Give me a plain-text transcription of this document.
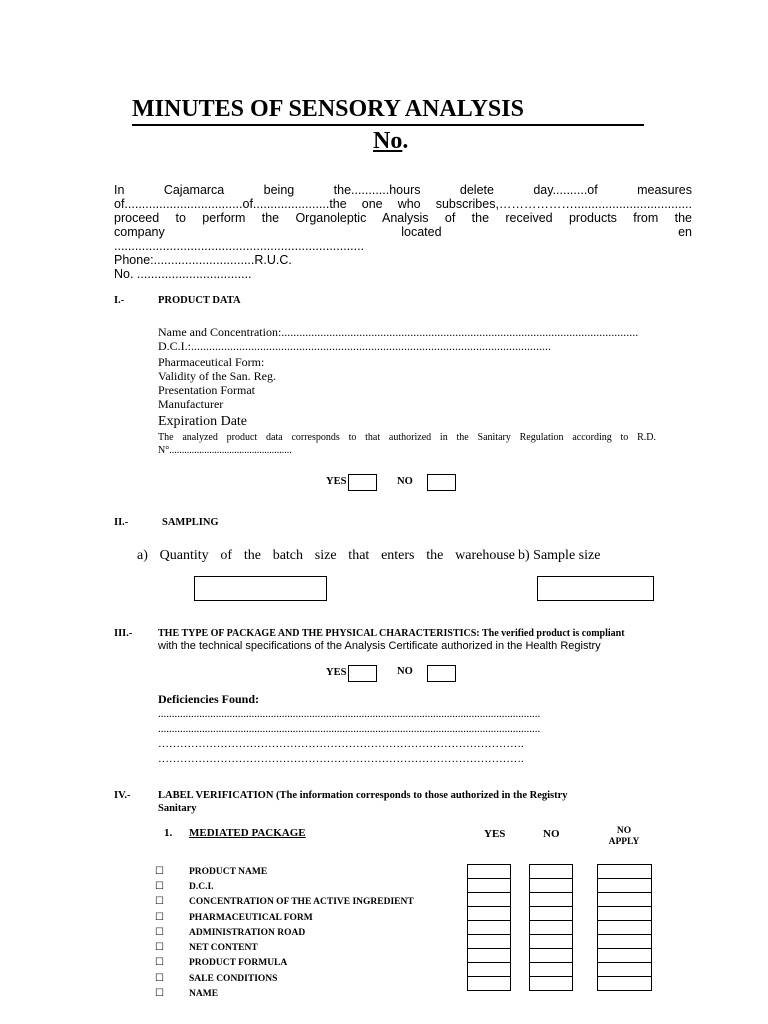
MINUTES OF SENSORY ANALYSIS
No.
In Cajamarca being the...........hours delete day..........of measures
of..................................of......................the one who subscribes,………………..................................
proceed to perform the Organoleptic Analysis of the received products from the
company located en
........................................................................
Phone:.............................R.U.C.
No. .................................
I.-	PRODUCT DATA
Name and Concentration:.......................................................................................................................
D.C.I.:........................................................................................................................
Pharmaceutical Form:
Validity of the San. Reg.
Presentation Format
Manufacturer
Expiration Date
The analyzed product data corresponds to that authorized in the Sanitary Regulation according to R.D.
N°.................................................
YES	NO
II.-	SAMPLING
a) Quantity of the batch size that enters the warehouse b) Sample size
III.-	THE TYPE OF PACKAGE AND THE PHYSICAL CHARACTERISTICS: The verified product is compliant
with the technical specifications of the Analysis Certificate authorized in the Health Registry
YES	NO
Deficiencies Found:
...........................................................................................................................................
...........................................................................................................................................
……………………………………………………………………………………….
……………………………………………………………………………………….
IV.-	LABEL VERIFICATION (The information corresponds to those authorized in the Registry
Sanitary
1. MEDIATED PACKAGE	YES	NO	NO
APPLY
☐	PRODUCT NAME
☐	D.C.I.
☐	CONCENTRATION OF THE ACTIVE INGREDIENT
☐	PHARMACEUTICAL FORM
☐	ADMINISTRATION ROAD
☐	NET CONTENT
☐	PRODUCT FORMULA
☐	SALE CONDITIONS
☐	NAME
